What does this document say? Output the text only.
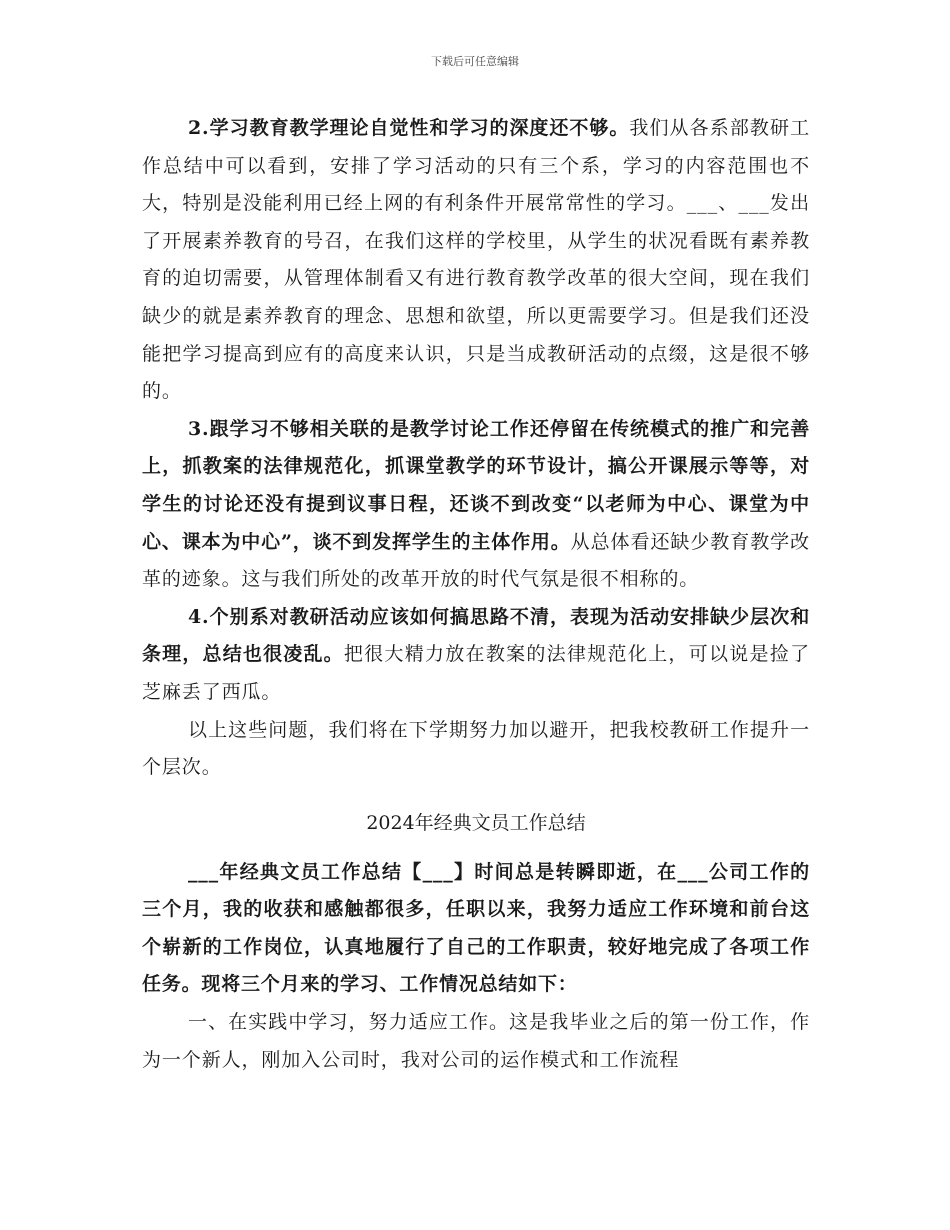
下载后可任意编辑

2.学习教育教学理论自觉性和学习的深度还不够。我们从各系部教研工作总结中可以看到，安排了学习活动的只有三个系，学习的内容范围也不大，特别是没能利用已经上网的有利条件开展常常性的学习。___、___发出了开展素养教育的号召，在我们这样的学校里，从学生的状况看既有素养教育的迫切需要，从管理体制看又有进行教育教学改革的很大空间，现在我们缺少的就是素养教育的理念、思想和欲望，所以更需要学习。但是我们还没能把学习提高到应有的高度来认识，只是当成教研活动的点缀，这是很不够的。

3.跟学习不够相关联的是教学讨论工作还停留在传统模式的推广和完善上，抓教案的法律规范化，抓课堂教学的环节设计，搞公开课展示等等，对学生的讨论还没有提到议事日程，还谈不到改变“以老师为中心、课堂为中心、课本为中心”，谈不到发挥学生的主体作用。从总体看还缺少教育教学改革的迹象。这与我们所处的改革开放的时代气氛是很不相称的。

4.个别系对教研活动应该如何搞思路不清，表现为活动安排缺少层次和条理，总结也很凌乱。把很大精力放在教案的法律规范化上，可以说是捡了芝麻丢了西瓜。

以上这些问题，我们将在下学期努力加以避开，把我校教研工作提升一个层次。

2024年经典文员工作总结

___年经典文员工作总结【___】时间总是转瞬即逝，在___公司工作的三个月，我的收获和感触都很多，任职以来，我努力适应工作环境和前台这个崭新的工作岗位，认真地履行了自己的工作职责，较好地完成了各项工作任务。现将三个月来的学习、工作情况总结如下：

一、在实践中学习，努力适应工作。这是我毕业之后的第一份工作，作为一个新人，刚加入公司时，我对公司的运作模式和工作流程
